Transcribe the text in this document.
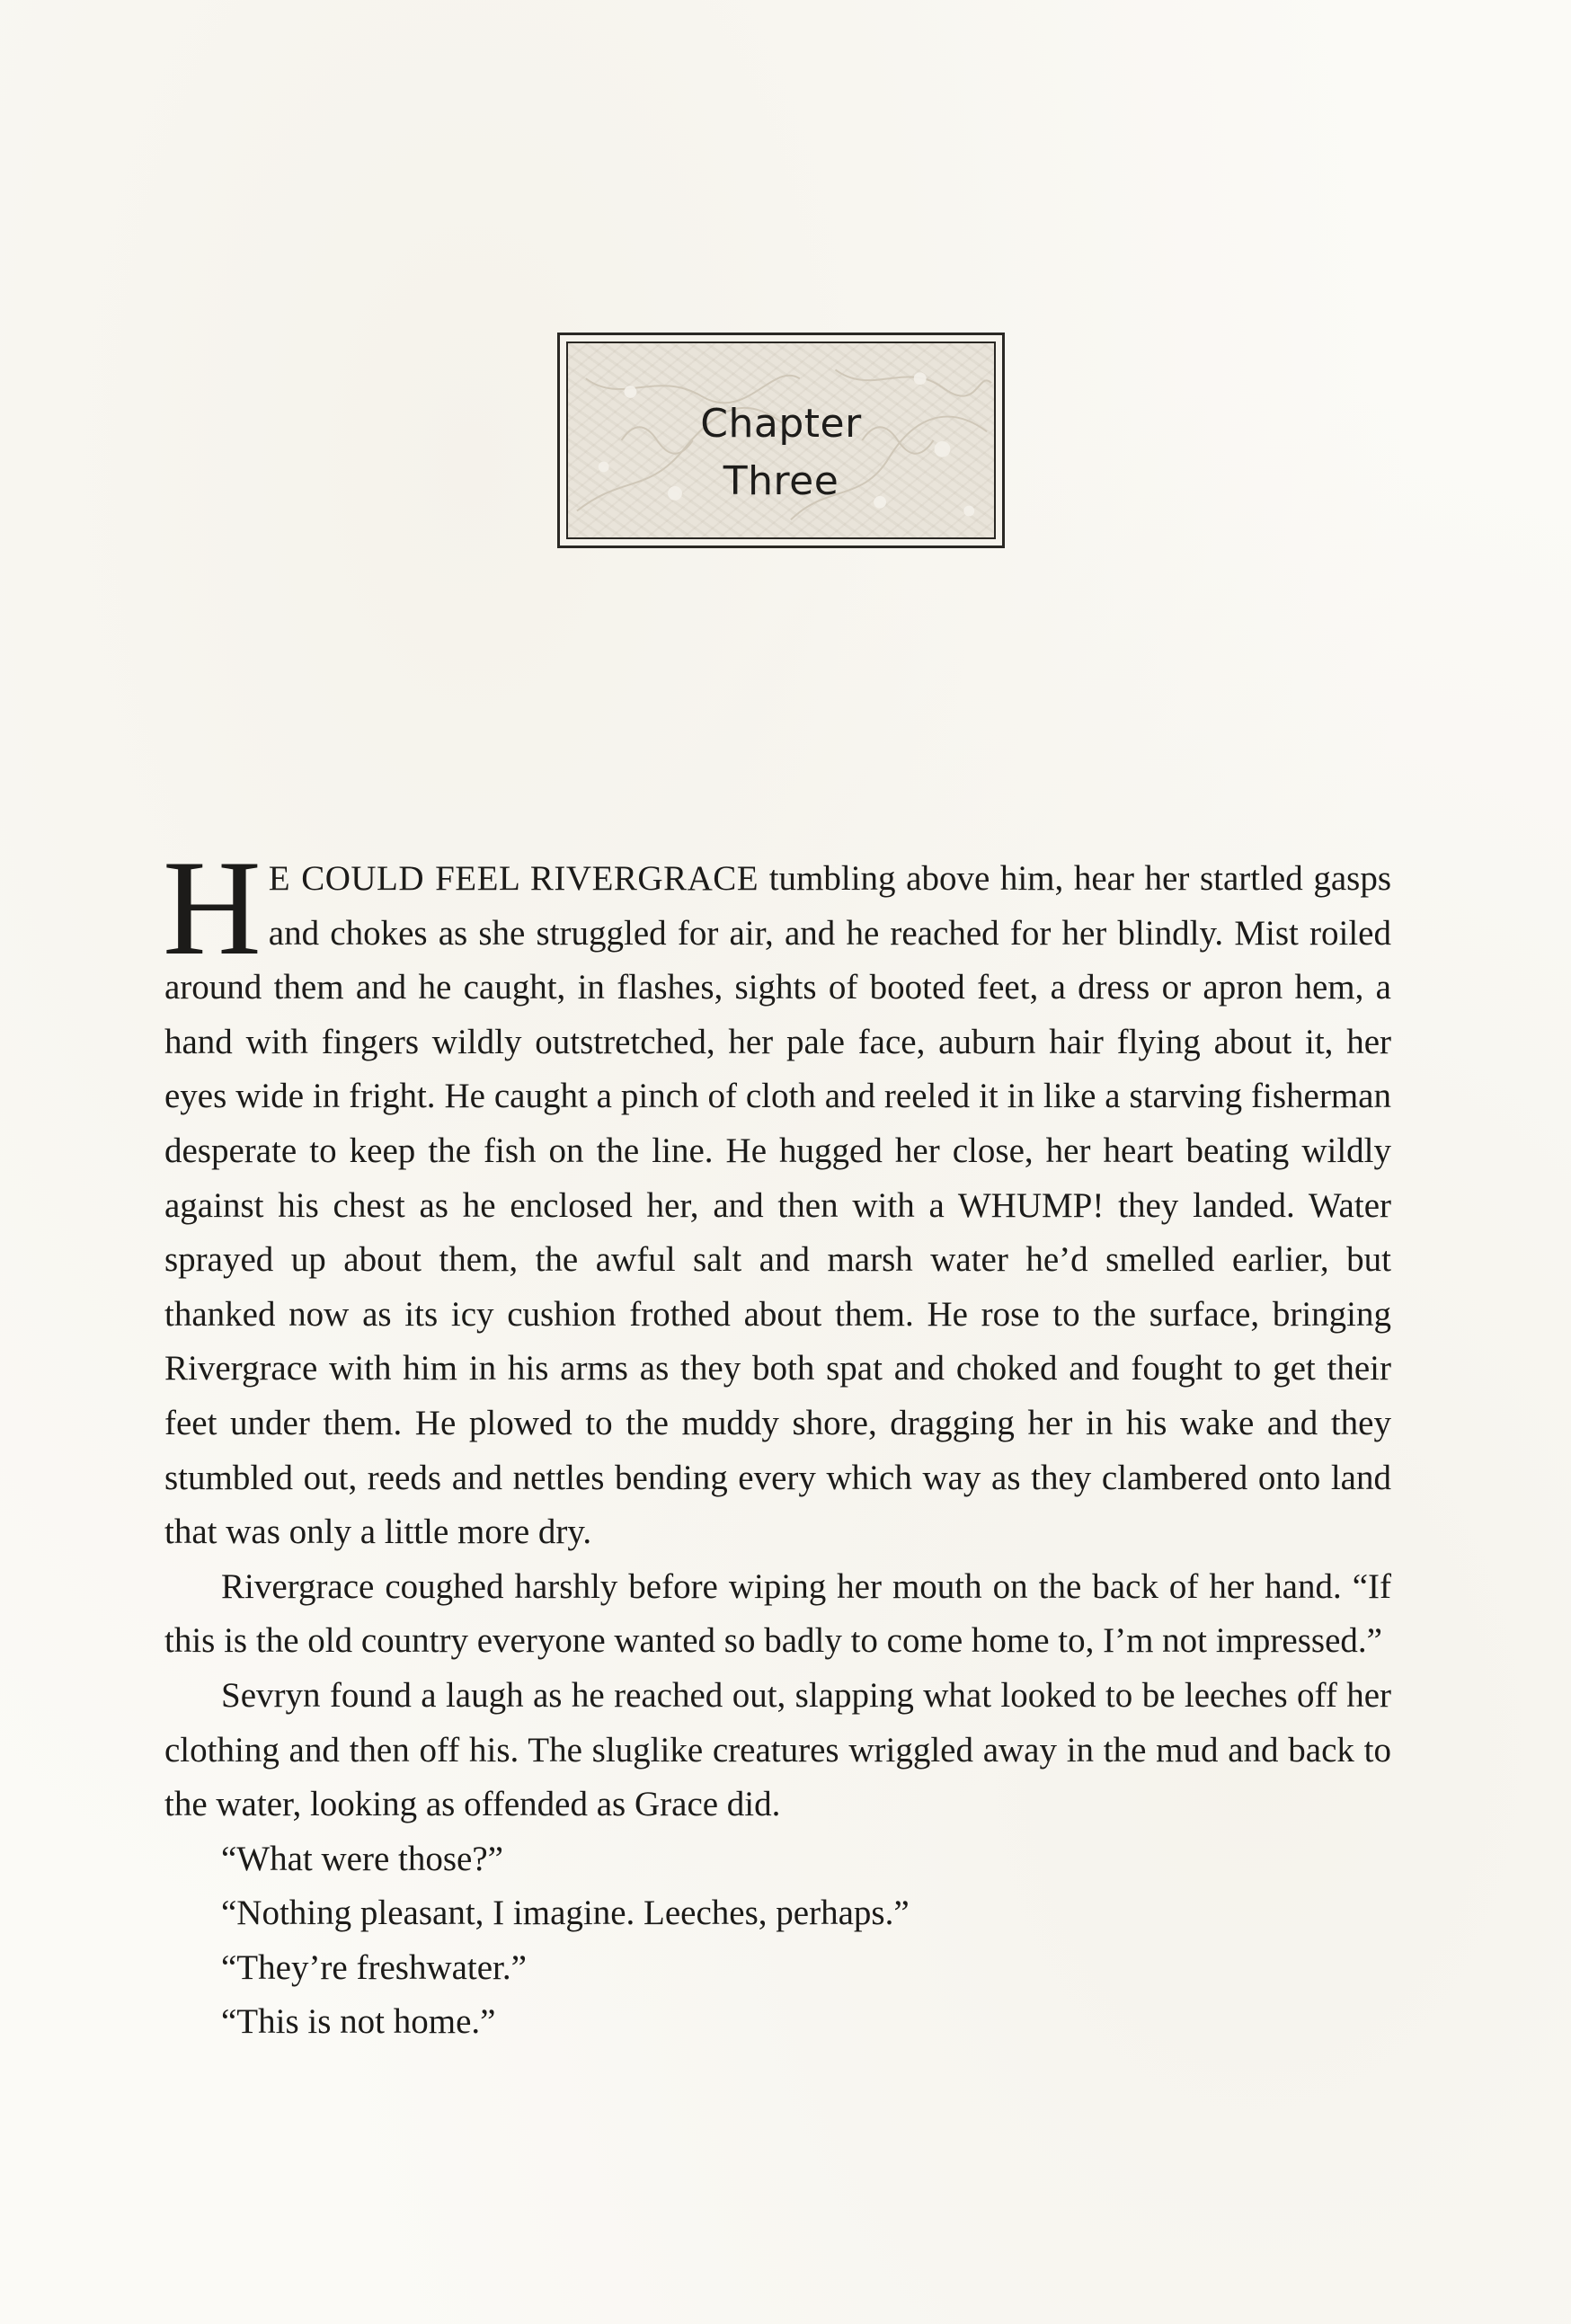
Chapter
Three

H E COULD FEEL RIVERGRACE tumbling above him, hear her startled gasps and chokes as she struggled for air, and he reached for her blindly. Mist roiled around them and he caught, in flashes, sights of booted feet, a dress or apron hem, a hand with fingers wildly outstretched, her pale face, auburn hair flying about it, her eyes wide in fright. He caught a pinch of cloth and reeled it in like a starving fisherman desperate to keep the fish on the line. He hugged her close, her heart beating wildly against his chest as he enclosed her, and then with a WHUMP! they landed. Water sprayed up about them, the awful salt and marsh water he’d smelled earlier, but thanked now as its icy cushion frothed about them. He rose to the surface, bringing Rivergrace with him in his arms as they both spat and choked and fought to get their feet under them. He plowed to the muddy shore, dragging her in his wake and they stumbled out, reeds and nettles bending every which way as they clambered onto land that was only a little more dry.

Rivergrace coughed harshly before wiping her mouth on the back of her hand. “If this is the old country everyone wanted so badly to come home to, I’m not impressed.”

Sevryn found a laugh as he reached out, slapping what looked to be leeches off her clothing and then off his. The sluglike creatures wriggled away in the mud and back to the water, looking as offended as Grace did.

“What were those?”

“Nothing pleasant, I imagine. Leeches, perhaps.”

“They’re freshwater.”

“This is not home.”
